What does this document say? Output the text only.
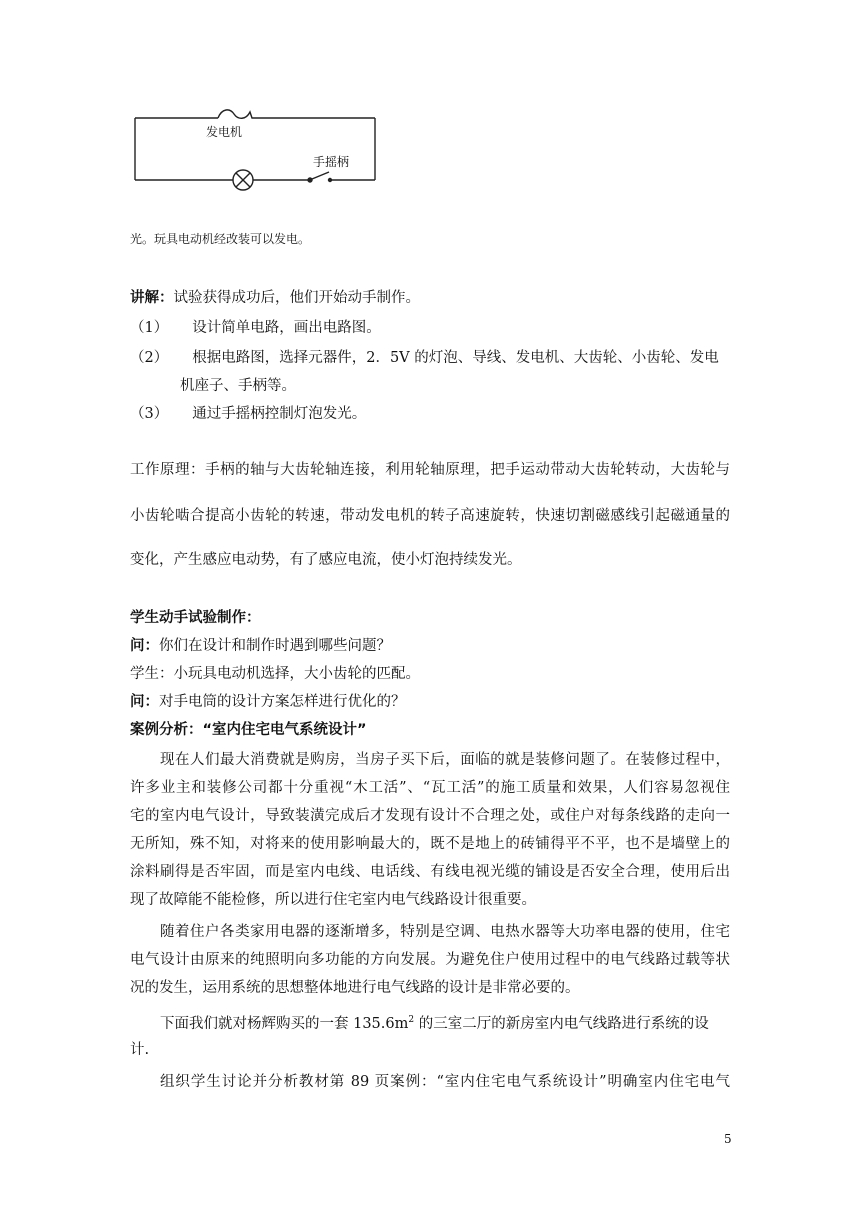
发电机
手摇柄
光。玩具电动机经改装可以发电。
讲解：试验获得成功后，他们开始动手制作。
（1） 设计简单电路，画出电路图。
（2） 根据电路图，选择元器件，2．5V 的灯泡、导线、发电机、大齿轮、小齿轮、发电
机座子、手柄等。
（3） 通过手摇柄控制灯泡发光。
工作原理：手柄的轴与大齿轮轴连接，利用轮轴原理，把手运动带动大齿轮转动，大齿轮与
小齿轮啮合提高小齿轮的转速，带动发电机的转子高速旋转，快速切割磁感线引起磁通量的
变化，产生感应电动势，有了感应电流，使小灯泡持续发光。
学生动手试验制作：
问：你们在设计和制作时遇到哪些问题？
学生：小玩具电动机选择，大小齿轮的匹配。
问：对手电筒的设计方案怎样进行优化的？
案例分析：“室内住宅电气系统设计”
现在人们最大消费就是购房，当房子买下后，面临的就是装修问题了。在装修过程中，
许多业主和装修公司都十分重视“木工活”、“瓦工活”的施工质量和效果，人们容易忽视住
宅的室内电气设计，导致装潢完成后才发现有设计不合理之处，或住户对每条线路的走向一
无所知，殊不知，对将来的使用影响最大的，既不是地上的砖铺得平不平，也不是墙壁上的
涂料刷得是否牢固，而是室内电线、电话线、有线电视光缆的铺设是否安全合理，使用后出
现了故障能不能检修，所以进行住宅室内电气线路设计很重要。
随着住户各类家用电器的逐渐增多，特别是空调、电热水器等大功率电器的使用，住宅
电气设计由原来的纯照明向多功能的方向发展。为避免住户使用过程中的电气线路过载等状
况的发生，运用系统的思想整体地进行电气线路的设计是非常必要的。
下面我们就对杨辉购买的一套 $135.6m^2$ 的三室二厅的新房室内电气线路进行系统的设
计.
组织学生讨论并分析教材第 89 页案例：“室内住宅电气系统设计”明确室内住宅电气
5
